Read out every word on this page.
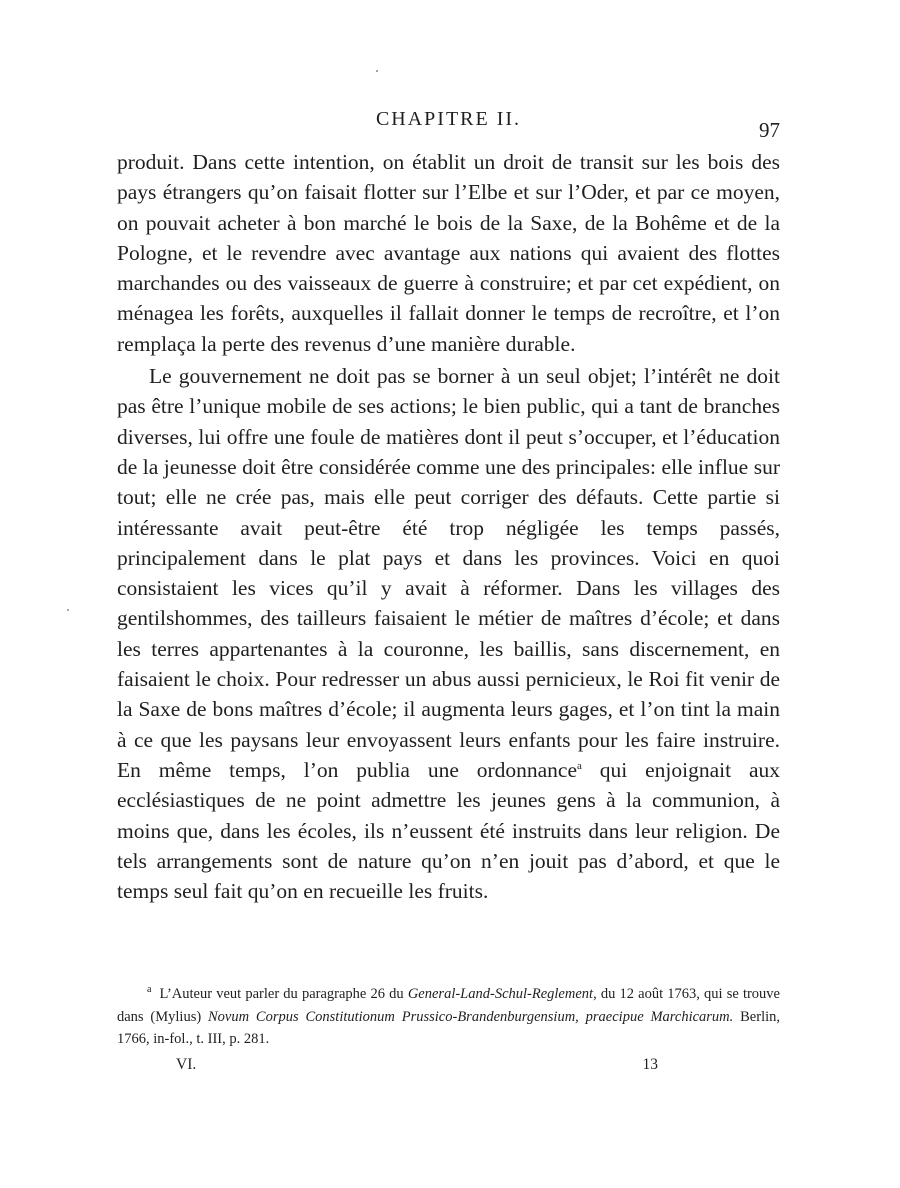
CHAPITRE II.	97

produit. Dans cette intention, on établit un droit de transit sur les bois des pays étrangers qu’on faisait flotter sur l’Elbe et sur l’Oder, et par ce moyen, on pouvait acheter à bon marché le bois de la Saxe, de la Bohême et de la Pologne, et le revendre avec avantage aux nations qui avaient des flottes marchandes ou des vaisseaux de guerre à construire; et par cet expédient, on ménagea les forêts, auxquelles il fallait donner le temps de recroître, et l’on remplaça la perte des revenus d’une manière durable.

Le gouvernement ne doit pas se borner à un seul objet; l’intérêt ne doit pas être l’unique mobile de ses actions; le bien public, qui a tant de branches diverses, lui offre une foule de matières dont il peut s’occuper, et l’éducation de la jeunesse doit être considérée comme une des principales: elle influe sur tout; elle ne crée pas, mais elle peut corriger des défauts. Cette partie si intéressante avait peut-être été trop négligée les temps passés, principalement dans le plat pays et dans les provinces. Voici en quoi consistaient les vices qu’il y avait à réformer. Dans les villages des gentilshommes, des tailleurs faisaient le métier de maîtres d’école; et dans les terres appartenantes à la couronne, les baillis, sans discernement, en faisaient le choix. Pour redresser un abus aussi pernicieux, le Roi fit venir de la Saxe de bons maîtres d’école; il augmenta leurs gages, et l’on tint la main à ce que les paysans leur envoyassent leurs enfants pour les faire instruire. En même temps, l’on publia une ordonnance$^a$ qui enjoignait aux ecclésiastiques de ne point admettre les jeunes gens à la communion, à moins que, dans les écoles, ils n’eussent été instruits dans leur religion. De tels arrangements sont de nature qu’on n’en jouit pas d’abord, et que le temps seul fait qu’on en recueille les fruits.

$^a$ L’Auteur veut parler du paragraphe 26 du General-Land-Schul-Reglement, du 12 août 1763, qui se trouve dans (Mylius) Novum Corpus Constitutionum Prussico-Brandenburgensium, praecipue Marchicarum. Berlin, 1766, in-fol., t. III, p. 281.

VI.	13
